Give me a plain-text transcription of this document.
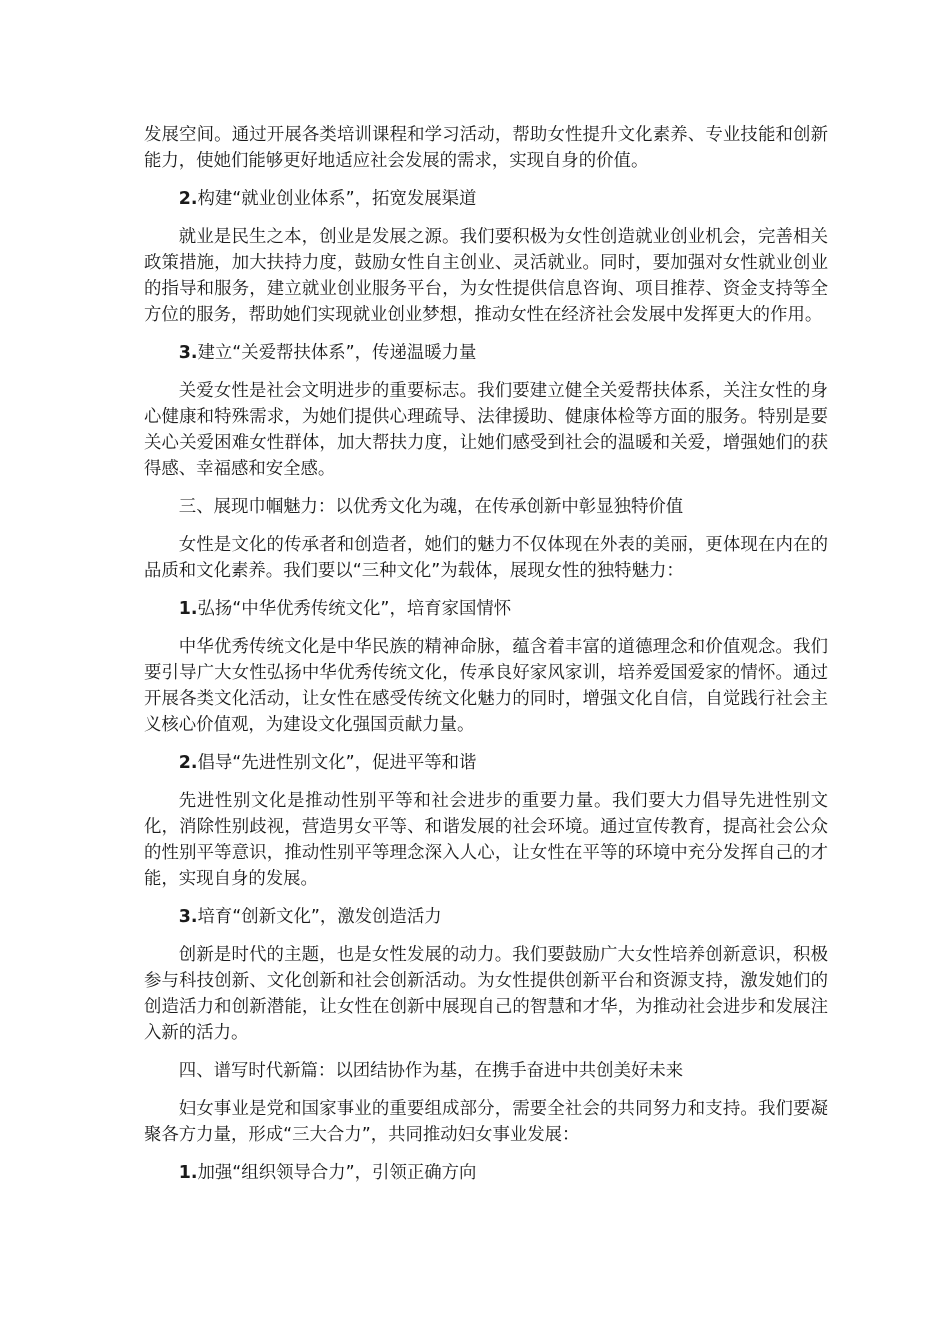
发展空间。通过开展各类培训课程和学习活动，帮助女性提升文化素养、专业技能和创新能力，使她们能够更好地适应社会发展的需求，实现自身的价值。

2.构建“就业创业体系”，拓宽发展渠道

就业是民生之本，创业是发展之源。我们要积极为女性创造就业创业机会，完善相关政策措施，加大扶持力度，鼓励女性自主创业、灵活就业。同时，要加强对女性就业创业的指导和服务，建立就业创业服务平台，为女性提供信息咨询、项目推荐、资金支持等全方位的服务，帮助她们实现就业创业梦想，推动女性在经济社会发展中发挥更大的作用。

3.建立“关爱帮扶体系”，传递温暖力量

关爱女性是社会文明进步的重要标志。我们要建立健全关爱帮扶体系，关注女性的身心健康和特殊需求，为她们提供心理疏导、法律援助、健康体检等方面的服务。特别是要关心关爱困难女性群体，加大帮扶力度，让她们感受到社会的温暖和关爱，增强她们的获得感、幸福感和安全感。

三、展现巾帼魅力：以优秀文化为魂，在传承创新中彰显独特价值

女性是文化的传承者和创造者，她们的魅力不仅体现在外表的美丽，更体现在内在的品质和文化素养。我们要以“三种文化”为载体，展现女性的独特魅力：

1.弘扬“中华优秀传统文化”，培育家国情怀

中华优秀传统文化是中华民族的精神命脉，蕴含着丰富的道德理念和价值观念。我们要引导广大女性弘扬中华优秀传统文化，传承良好家风家训，培养爱国爱家的情怀。通过开展各类文化活动，让女性在感受传统文化魅力的同时，增强文化自信，自觉践行社会主义核心价值观，为建设文化强国贡献力量。

2.倡导“先进性别文化”，促进平等和谐

先进性别文化是推动性别平等和社会进步的重要力量。我们要大力倡导先进性别文化，消除性别歧视，营造男女平等、和谐发展的社会环境。通过宣传教育，提高社会公众的性别平等意识，推动性别平等理念深入人心，让女性在平等的环境中充分发挥自己的才能，实现自身的发展。

3.培育“创新文化”，激发创造活力

创新是时代的主题，也是女性发展的动力。我们要鼓励广大女性培养创新意识，积极参与科技创新、文化创新和社会创新活动。为女性提供创新平台和资源支持，激发她们的创造活力和创新潜能，让女性在创新中展现自己的智慧和才华，为推动社会进步和发展注入新的活力。

四、谱写时代新篇：以团结协作为基，在携手奋进中共创美好未来

妇女事业是党和国家事业的重要组成部分，需要全社会的共同努力和支持。我们要凝聚各方力量，形成“三大合力”，共同推动妇女事业发展：

1.加强“组织领导合力”，引领正确方向
